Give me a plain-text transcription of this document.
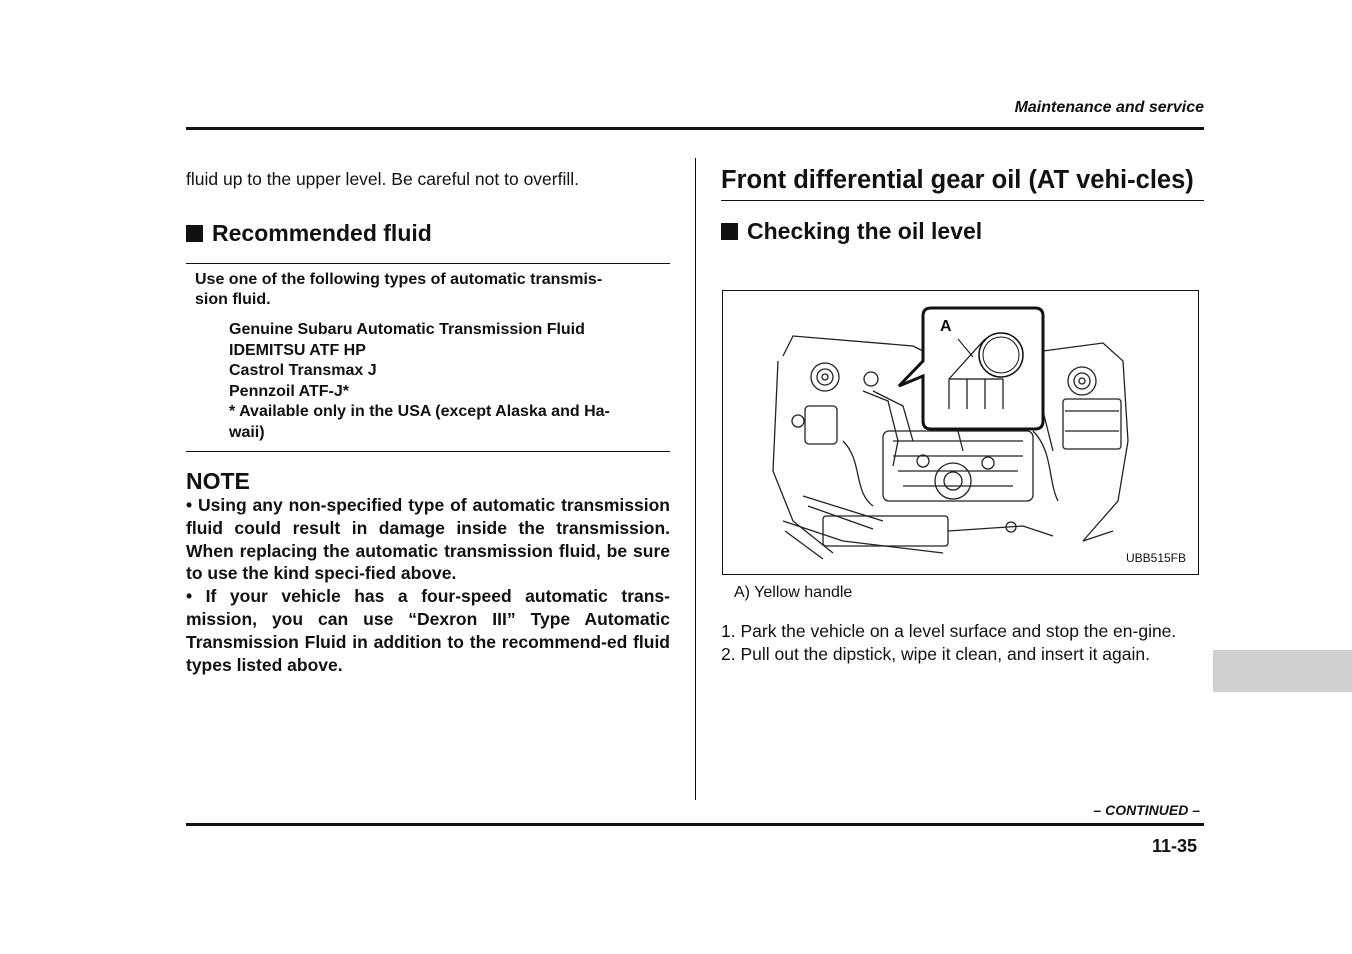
Maintenance and service

fluid up to the upper level. Be careful not to overfill.

Recommended fluid

Use one of the following types of automatic transmis-
sion fluid.

Genuine Subaru Automatic Transmission Fluid
IDEMITSU ATF HP
Castrol Transmax J
Pennzoil ATF-J*
* Available only in the USA (except Alaska and Ha-
waii)
NOTE

• Using any non-specified type of automatic transmission fluid could result in damage inside the transmission. When replacing the automatic transmission fluid, be sure to use the kind speci-fied above.

• If your vehicle has a four-speed automatic trans-mission, you can use “Dexron III” Type Automatic Transmission Fluid in addition to the recommend-ed fluid types listed above.

Front differential gear oil (AT vehi-cles)
Checking the oil level
A
UBB515FB
A) Yellow handle

1. Park the vehicle on a level surface and stop the en-gine.

2. Pull out the dipstick, wipe it clean, and insert it again.

– CONTINUED –
11-35
